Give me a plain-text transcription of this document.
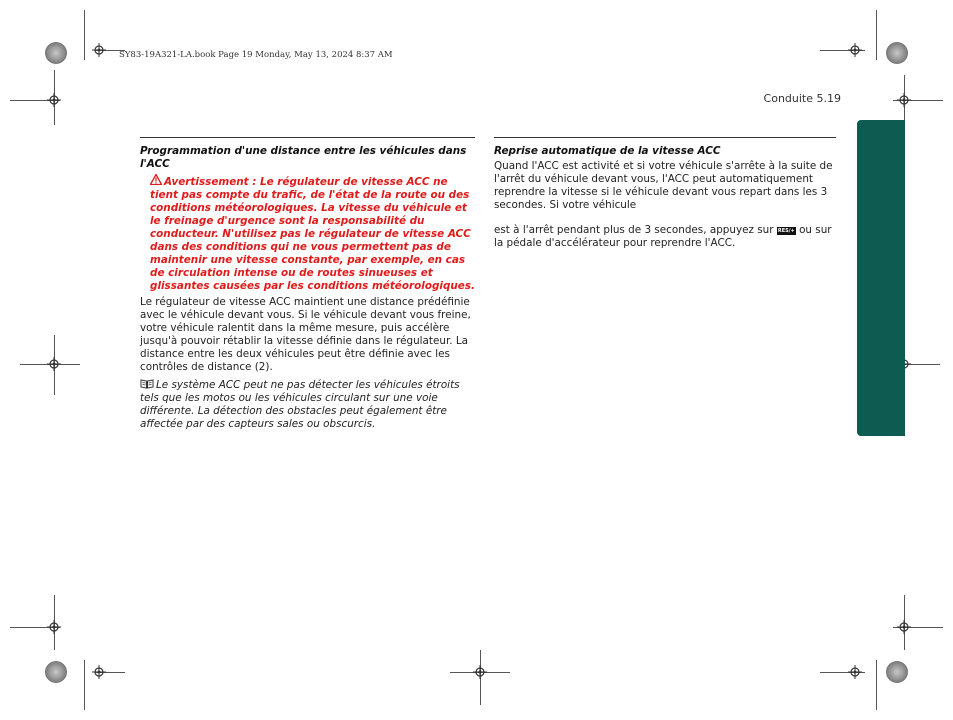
SY83-19A321-LA.book Page 19 Monday, May 13, 2024 8:37 AM
Conduite 5.19
Programmation d'une distance entre les véhicules dans l'ACC
Avertissement : Le régulateur de vitesse ACC ne tient pas compte du trafic, de l'état de la route ou des conditions météorologiques. La vitesse du véhicule et le freinage d'urgence sont la responsabilité du conducteur. N'utilisez pas le régulateur de vitesse ACC dans des conditions qui ne vous permettent pas de maintenir une vitesse constante, par exemple, en cas de circulation intense ou de routes sinueuses et glissantes causées par les conditions météorologiques.
Le régulateur de vitesse ACC maintient une distance prédéfinie avec le véhicule devant vous. Si le véhicule devant vous freine, votre véhicule ralentit dans la même mesure, puis accélère jusqu'à pouvoir rétablir la vitesse définie dans le régulateur. La distance entre les deux véhicules peut être définie avec les contrôles de distance (2).
Le système ACC peut ne pas détecter les véhicules étroits tels que les motos ou les véhicules circulant sur une voie différente. La détection des obstacles peut également être affectée par des capteurs sales ou obscurcis.
Reprise automatique de la vitesse ACC
Quand l'ACC est activité et si votre véhicule s'arrête à la suite de l'arrêt du véhicule devant vous, l'ACC peut automatiquement reprendre la vitesse si le véhicule devant vous repart dans les 3 secondes. Si votre véhicule
est à l'arrêt pendant plus de 3 secondes, appuyez sur RES/+ ou sur la pédale d'accélérateur pour reprendre l'ACC.
